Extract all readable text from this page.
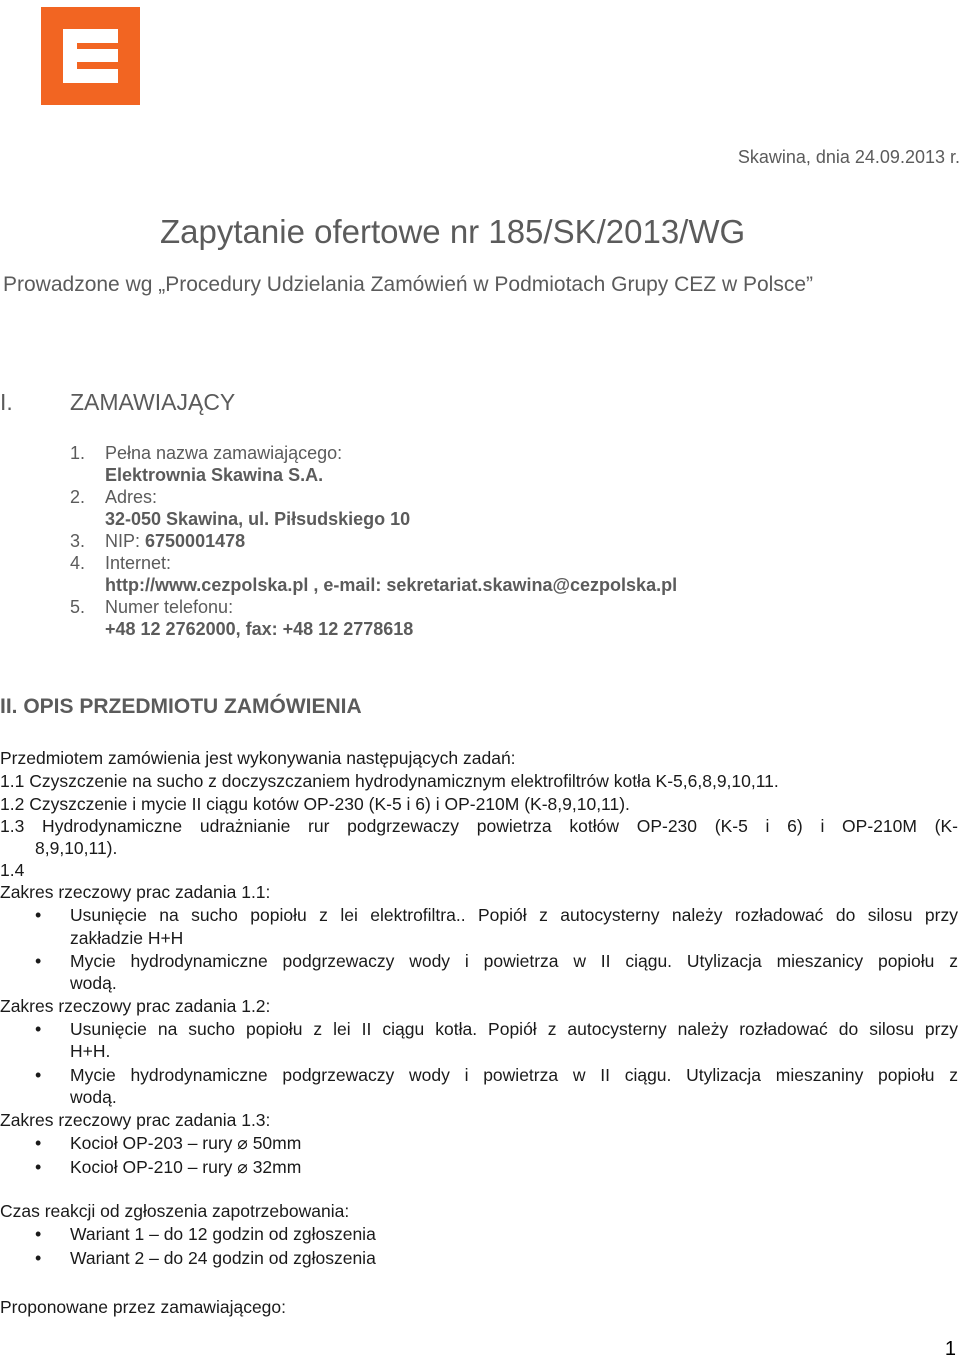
Skawina, dnia 24.09.2013 r.
Zapytanie ofertowe nr 185/SK/2013/WG
Prowadzone wg „Procedury Udzielania Zamówień w Podmiotach Grupy CEZ w Polsce”
I. ZAMAWIAJĄCY
1. Pełna nazwa zamawiającego:
Elektrownia Skawina S.A.
2. Adres:
32-050 Skawina, ul. Piłsudskiego 10
3. NIP: 6750001478
4. Internet:
http://www.cezpolska.pl , e-mail: sekretariat.skawina@cezpolska.pl
5. Numer telefonu:
+48 12 2762000, fax: +48 12 2778618
II. OPIS PRZEDMIOTU ZAMÓWIENIA
Przedmiotem zamówienia jest wykonywania następujących zadań:
1.1 Czyszczenie na sucho z doczyszczaniem hydrodynamicznym elektrofiltrów kotła K-5,6,8,9,10,11.
1.2 Czyszczenie i mycie II ciągu kotów OP-230 (K-5 i 6) i OP-210M (K-8,9,10,11).
1.3 Hydrodynamiczne udrażnianie rur podgrzewaczy powietrza kotłów OP-230 (K-5 i 6) i OP-210M (K-
8,9,10,11).
1.4
Zakres rzeczowy prac zadania 1.1:
• Usunięcie na sucho popiołu z lei elektrofiltra.. Popiół z autocysterny należy rozładować do silosu przy
zakładzie H+H
• Mycie hydrodynamiczne podgrzewaczy wody i powietrza w II ciągu. Utylizacja mieszanicy popiołu z
wodą.
Zakres rzeczowy prac zadania 1.2:
• Usunięcie na sucho popiołu z lei II ciągu kotła. Popiół z autocysterny należy rozładować do silosu przy
H+H.
• Mycie hydrodynamiczne podgrzewaczy wody i powietrza w II ciągu. Utylizacja mieszaniny popiołu z
wodą.
Zakres rzeczowy prac zadania 1.3:
• Kocioł OP-203 – rury ⌀ 50mm
• Kocioł OP-210 – rury ⌀ 32mm
Czas reakcji od zgłoszenia zapotrzebowania:
• Wariant 1 – do 12 godzin od zgłoszenia
• Wariant 2 – do 24 godzin od zgłoszenia
Proponowane przez zamawiającego:
1
